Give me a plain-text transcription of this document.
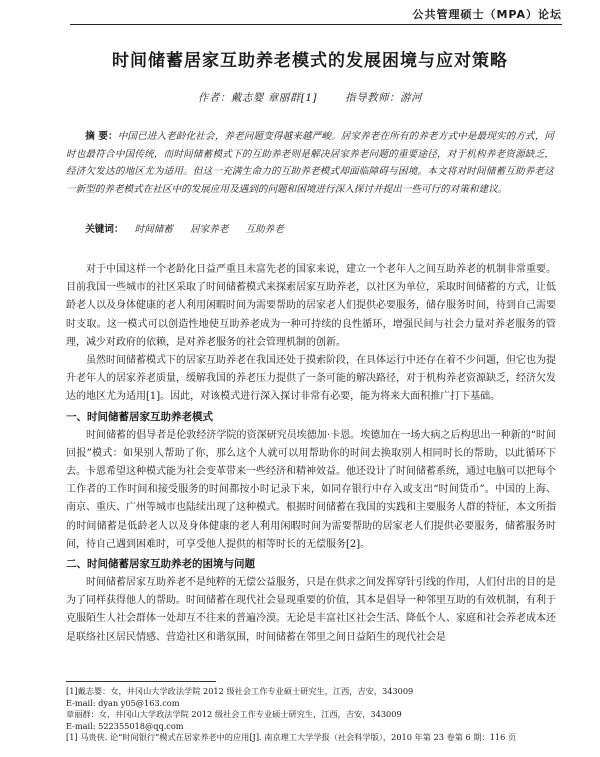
公共管理硕士（MPA）论坛
时间储蓄居家互助养老模式的发展困境与应对策略
作者：戴志婴 章丽群[1]	指导教师：游河
摘 要：中国已进入老龄化社会，养老问题变得越来越严峻。居家养老在所有的养老方式中是最现实的方式，同时也最符合中国传统，而时间储蓄模式下的互助养老则是解决居家养老问题的重要途径，对于机构养老资源缺乏，经济欠发达的地区尤为适用。但这一充满生命力的互助养老模式却面临障碍与困境。本文将对时间储蓄互助养老这一新型的养老模式在社区中的发展应用及遇到的问题和困境进行深入探讨并提出一些可行的对策和建议。
关键词： 时间储蓄 居家养老 互助养老

对于中国这样一个老龄化日益严重且未富先老的国家来说，建立一个老年人之间互助养老的机制非常重要。目前我国一些城市的社区采取了时间储蓄模式来探索居家互助养老，以社区为单位，采取时间储蓄的方式，让低龄老人以及身体健康的老人利用闲暇时间为需要帮助的居家老人们提供必要服务，储存服务时间，待到自己需要时支取。这一模式可以创造性地使互助养老成为一种可持续的良性循环，增强民间与社会力量对养老服务的管理，减少对政府的依赖，是对养老服务的社会管理机制的创新。

虽然时间储蓄模式下的居家互助养老在我国还处于摸索阶段，在具体运行中还存在着不少问题，但它也为提升老年人的居家养老质量，缓解我国的养老压力提供了一条可能的解决路径，对于机构养老资源缺乏，经济欠发达的地区尤为适用[1]。因此，对该模式进行深入探讨非常有必要，能为将来大面积推广打下基础。

一、时间储蓄居家互助养老模式

时间储蓄的倡导者是伦敦经济学院的资深研究员埃德加·卡恩。埃德加在一场大病之后构思出一种新的“时间回报”模式：如果别人帮助了你，那么这个人就可以用帮助你的时间去换取别人相同时长的帮助，以此循环下去。卡恩希望这种模式能为社会变革带来一些经济和精神效益。他还设计了时间储蓄系统，通过电脑可以把每个工作者的工作时间和接受服务的时间都按小时记录下来，如同存银行中存入或支出“时间货币”。中国的上海、南京、重庆、广州等城市也陆续出现了这种模式。根据时间储蓄在我国的实践和主要服务人群的特征，本文所指的时间储蓄是低龄老人以及身体健康的老人利用闲暇时间为需要帮助的居家老人们提供必要服务，储蓄服务时间，待自己遇到困难时，可享受他人提供的相等时长的无偿服务[2]。

二、时间储蓄居家互助养老的困境与问题

时间储蓄居家互助养老不是纯粹的无偿公益服务，只是在供求之间发挥穿针引线的作用，人们付出的目的是为了同样获得他人的帮助。时间储蓄在现代社会显现重要的价值，其本是倡导一种邻里互助的有效机制，有利于克服陌生人社会群体一处却互不往来的普遍冷漠。无论是丰富社区社会生活、降低个人、家庭和社会养老成本还是联络社区居民情感、营造社区和谐氛围，时间储蓄在邻里之间日益陌生的现代社会是

[1]戴志婴：女，井冈山大学政法学院 2012 级社会工作专业硕士研究生，江西，吉安，343009
E-mail: dyan y05@163.com
章丽群：女，井冈山大学政法学院 2012 级社会工作专业硕士研究生，江西，吉安，343009
E-mail: 522355018@qq.com
[1] 马贵侠. 论“时间银行”模式在居家养老中的应用[J]. 南京理工大学学报（社会科学版），2010 年第 23 卷第 6 期：116 页
